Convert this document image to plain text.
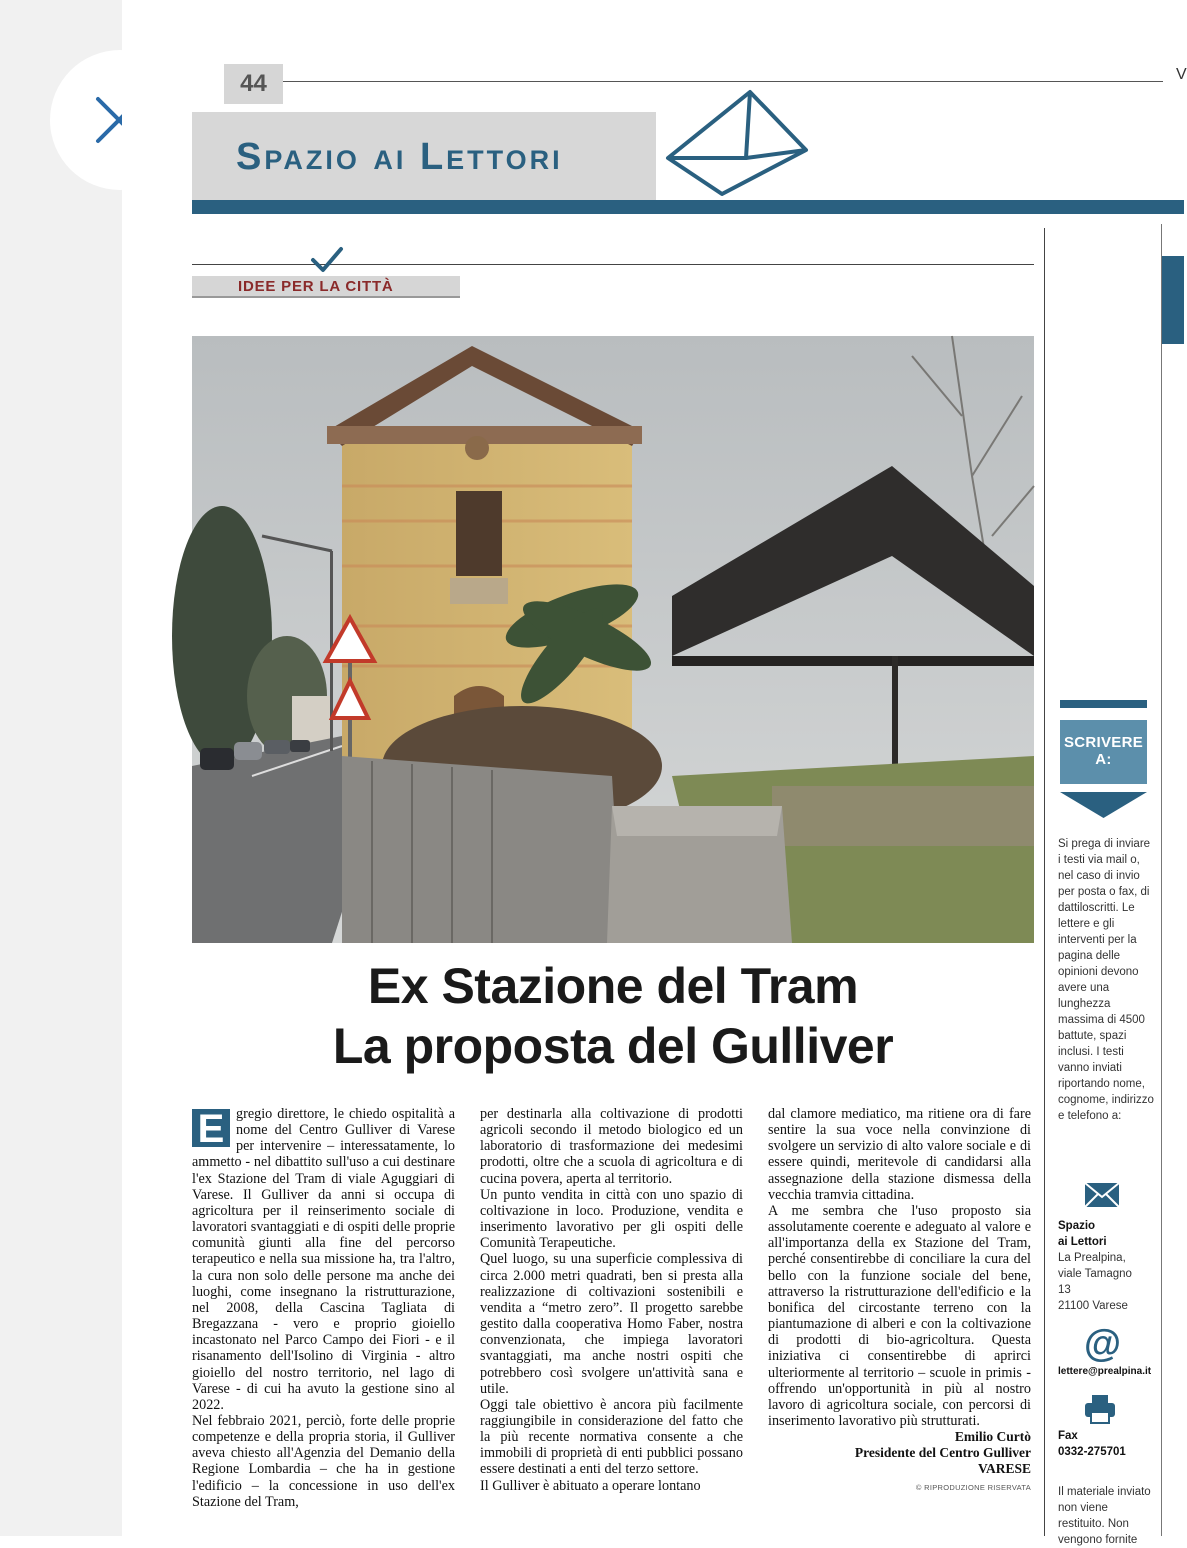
44	V
Spazio ai Lettori
IDEE PER LA CITTÀ
Ex Stazione del Tram
La proposta del Gulliver
E gregio direttore, le chiedo ospitalità a nome del Centro Gulliver di Varese per intervenire – interessatamente, lo ammetto - nel dibattito sull'uso a cui destinare l'ex Stazione del Tram di viale Aguggiari di Varese. Il Gulliver da anni si occupa di agricoltura per il reinserimento sociale di lavoratori svantaggiati e di ospiti delle proprie comunità giunti alla fine del percorso terapeutico e nella sua missione ha, tra l'altro, la cura non solo delle persone ma anche dei luoghi, come insegnano la ristrutturazione, nel 2008, della Cascina Tagliata di Bregazzana - vero e proprio gioiello incastonato nel Parco Campo dei Fiori - e il risanamento dell'Isolino di Virginia - altro gioiello del nostro territorio, nel lago di Varese - di cui ha avuto la gestione sino al 2022.

Nel febbraio 2021, perciò, forte delle proprie competenze e della propria storia, il Gulliver aveva chiesto all'Agenzia del Demanio della Regione Lombardia – che ha in gestione l'edificio – la concessione in uso dell'ex Stazione del Tram,

per destinarla alla coltivazione di prodotti agricoli secondo il metodo biologico ed un laboratorio di trasformazione dei medesimi prodotti, oltre che a scuola di agricoltura e di cucina povera, aperta al territorio.

Un punto vendita in città con uno spazio di coltivazione in loco. Produzione, vendita e inserimento lavorativo per gli ospiti delle Comunità Terapeutiche.

Quel luogo, su una superficie complessiva di circa 2.000 metri quadrati, ben si presta alla realizzazione di coltivazioni sostenibili e vendita a “metro zero”. Il progetto sarebbe gestito dalla cooperativa Homo Faber, nostra convenzionata, che impiega lavoratori svantaggiati, ma anche nostri ospiti che potrebbero così svolgere un'attività sana e utile.

Oggi tale obiettivo è ancora più facilmente raggiungibile in considerazione del fatto che la più recente normativa consente a che immobili di proprietà di enti pubblici possano essere destinati a enti del terzo settore.

Il Gulliver è abituato a operare lontano

dal clamore mediatico, ma ritiene ora di fare sentire la sua voce nella convinzione di svolgere un servizio di alto valore sociale e di essere quindi, meritevole di candidarsi alla assegnazione della stazione dismessa della vecchia tramvia cittadina.

A me sembra che l'uso proposto sia assolutamente coerente e adeguato al valore e all'importanza della ex Stazione del Tram, perché consentirebbe di conciliare la cura del bello con la funzione sociale del bene, attraverso la ristrutturazione dell'edificio e la bonifica del circostante terreno con la piantumazione di alberi e con la coltivazione di prodotti di bio-agricoltura. Questa iniziativa ci consentirebbe di aprirci ulteriormente al territorio – scuole in primis - offrendo un'opportunità in più al nostro lavoro di agricoltura sociale, con percorsi di inserimento lavorativo più strutturati.

Emilio Curtò
Presidente del Centro Gulliver
VARESE
© RIPRODUZIONE RISERVATA
SCRIVERE A:
Si prega di inviare i testi via mail o, nel caso di invio per posta o fax, di dattiloscritti. Le lettere e gli interventi per la pagina delle opinioni devono avere una lunghezza massima di 4500 battute, spazi inclusi. I testi vanno inviati riportando nome, cognome, indirizzo e telefono a:
Spazio
ai Lettori
La Prealpina,
viale Tamagno
13
21100 Varese
@
lettere@prealpina.it
Fax
0332-275701
Il materiale inviato non viene restituito. Non vengono fornite
